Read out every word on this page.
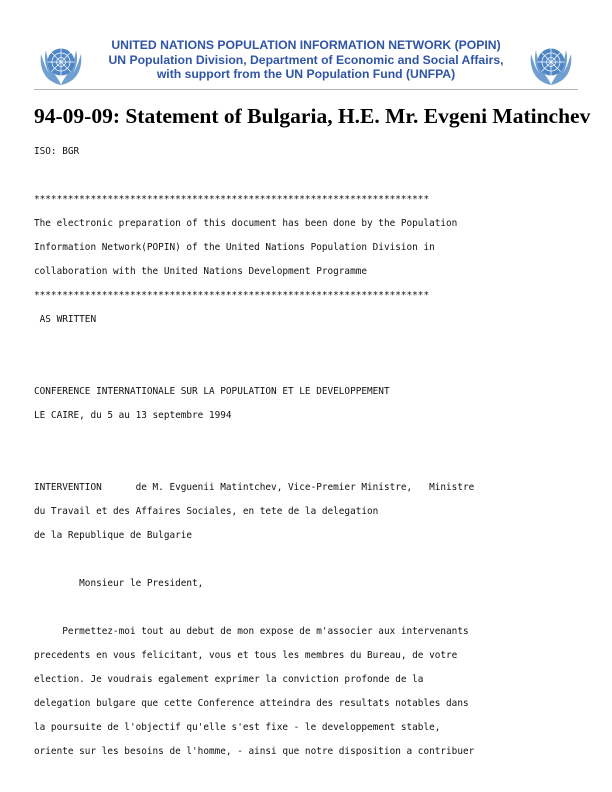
UNITED NATIONS POPULATION INFORMATION NETWORK (POPIN)
UN Population Division, Department of Economic and Social Affairs,
with support from the UN Population Fund (UNFPA)
94-09-09: Statement of Bulgaria, H.E. Mr. Evgeni Matinchev
ISO: BGR
**********************************************************************
The electronic preparation of this document has been done by the Population
Information Network(POPIN) of the United Nations Population Division in
collaboration with the United Nations Development Programme
**********************************************************************
AS WRITTEN
CONFERENCE INTERNATIONALE SUR LA POPULATION ET LE DEVELOPPEMENT
LE CAIRE, du 5 au 13 septembre 1994
INTERVENTION      de M. Evguenii Matintchev, Vice-Premier Ministre,   Ministre
du Travail et des Affaires Sociales, en tete de la delegation
de la Republique de Bulgarie
Monsieur le President,
Permettez-moi tout au debut de mon expose de m'associer aux intervenants
precedents en vous felicitant, vous et tous les membres du Bureau, de votre
election. Je voudrais egalement exprimer la conviction profonde de la
delegation bulgare que cette Conference atteindra des resultats notables dans
la poursuite de l'objectif qu'elle s'est fixe - le developpement stable,
oriente sur les besoins de l'homme, - ainsi que notre disposition a contribuer
